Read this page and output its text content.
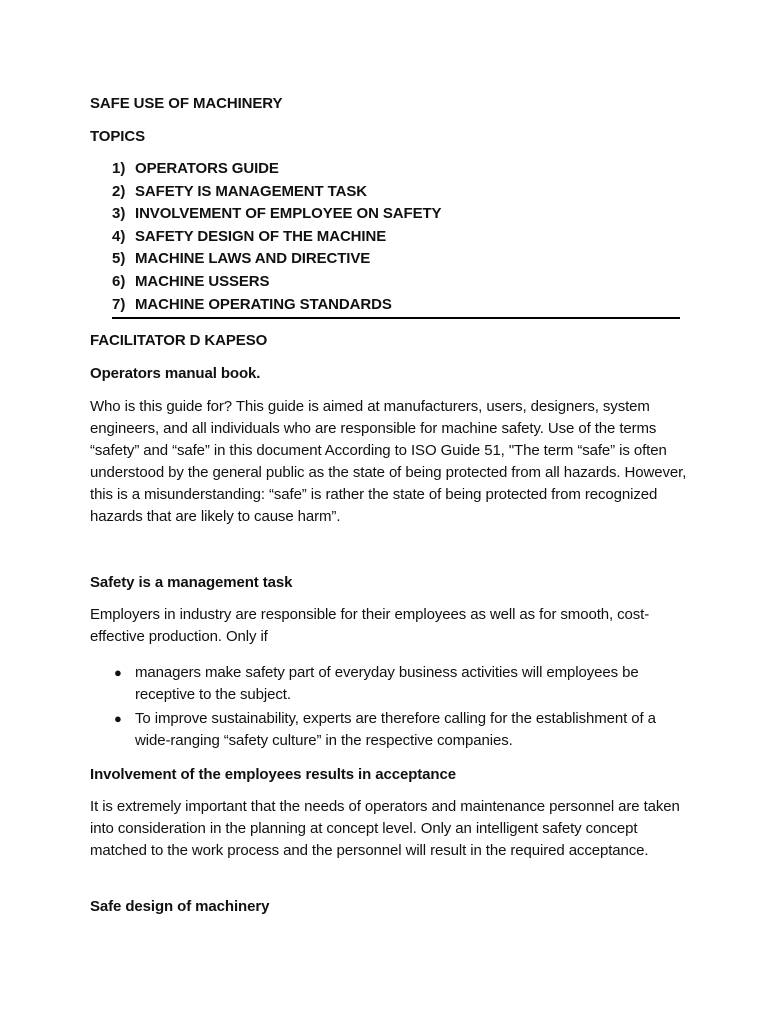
SAFE USE OF MACHINERY

TOPICS

1) OPERATORS GUIDE
2) SAFETY IS MANAGEMENT TASK
3) INVOLVEMENT OF EMPLOYEE ON SAFETY
4) SAFETY DESIGN OF THE MACHINE
5) MACHINE LAWS AND DIRECTIVE
6) MACHINE USSERS
7) MACHINE OPERATING STANDARDS

FACILITATOR D KAPESO

Operators manual book.

Who is this guide for? This guide is aimed at manufacturers, users, designers, system
engineers, and all individuals who are responsible for machine safety. Use of the terms
“safety” and “safe” in this document According to ISO Guide 51, "The term “safe” is often
understood by the general public as the state of being protected from all hazards. However,
this is a misunderstanding: “safe” is rather the state of being protected from recognized
hazards that are likely to cause harm”.

Safety is a management task

Employers in industry are responsible for their employees as well as for smooth, cost-
effective production. Only if
● managers make safety part of everyday business activities will employees be
receptive to the subject.
● To improve sustainability, experts are therefore calling for the establishment of a
wide-ranging “safety culture” in the respective companies.

Involvement of the employees results in acceptance

It is extremely important that the needs of operators and maintenance personnel are taken
into consideration in the planning at concept level. Only an intelligent safety concept
matched to the work process and the personnel will result in the required acceptance.

Safe design of machinery
